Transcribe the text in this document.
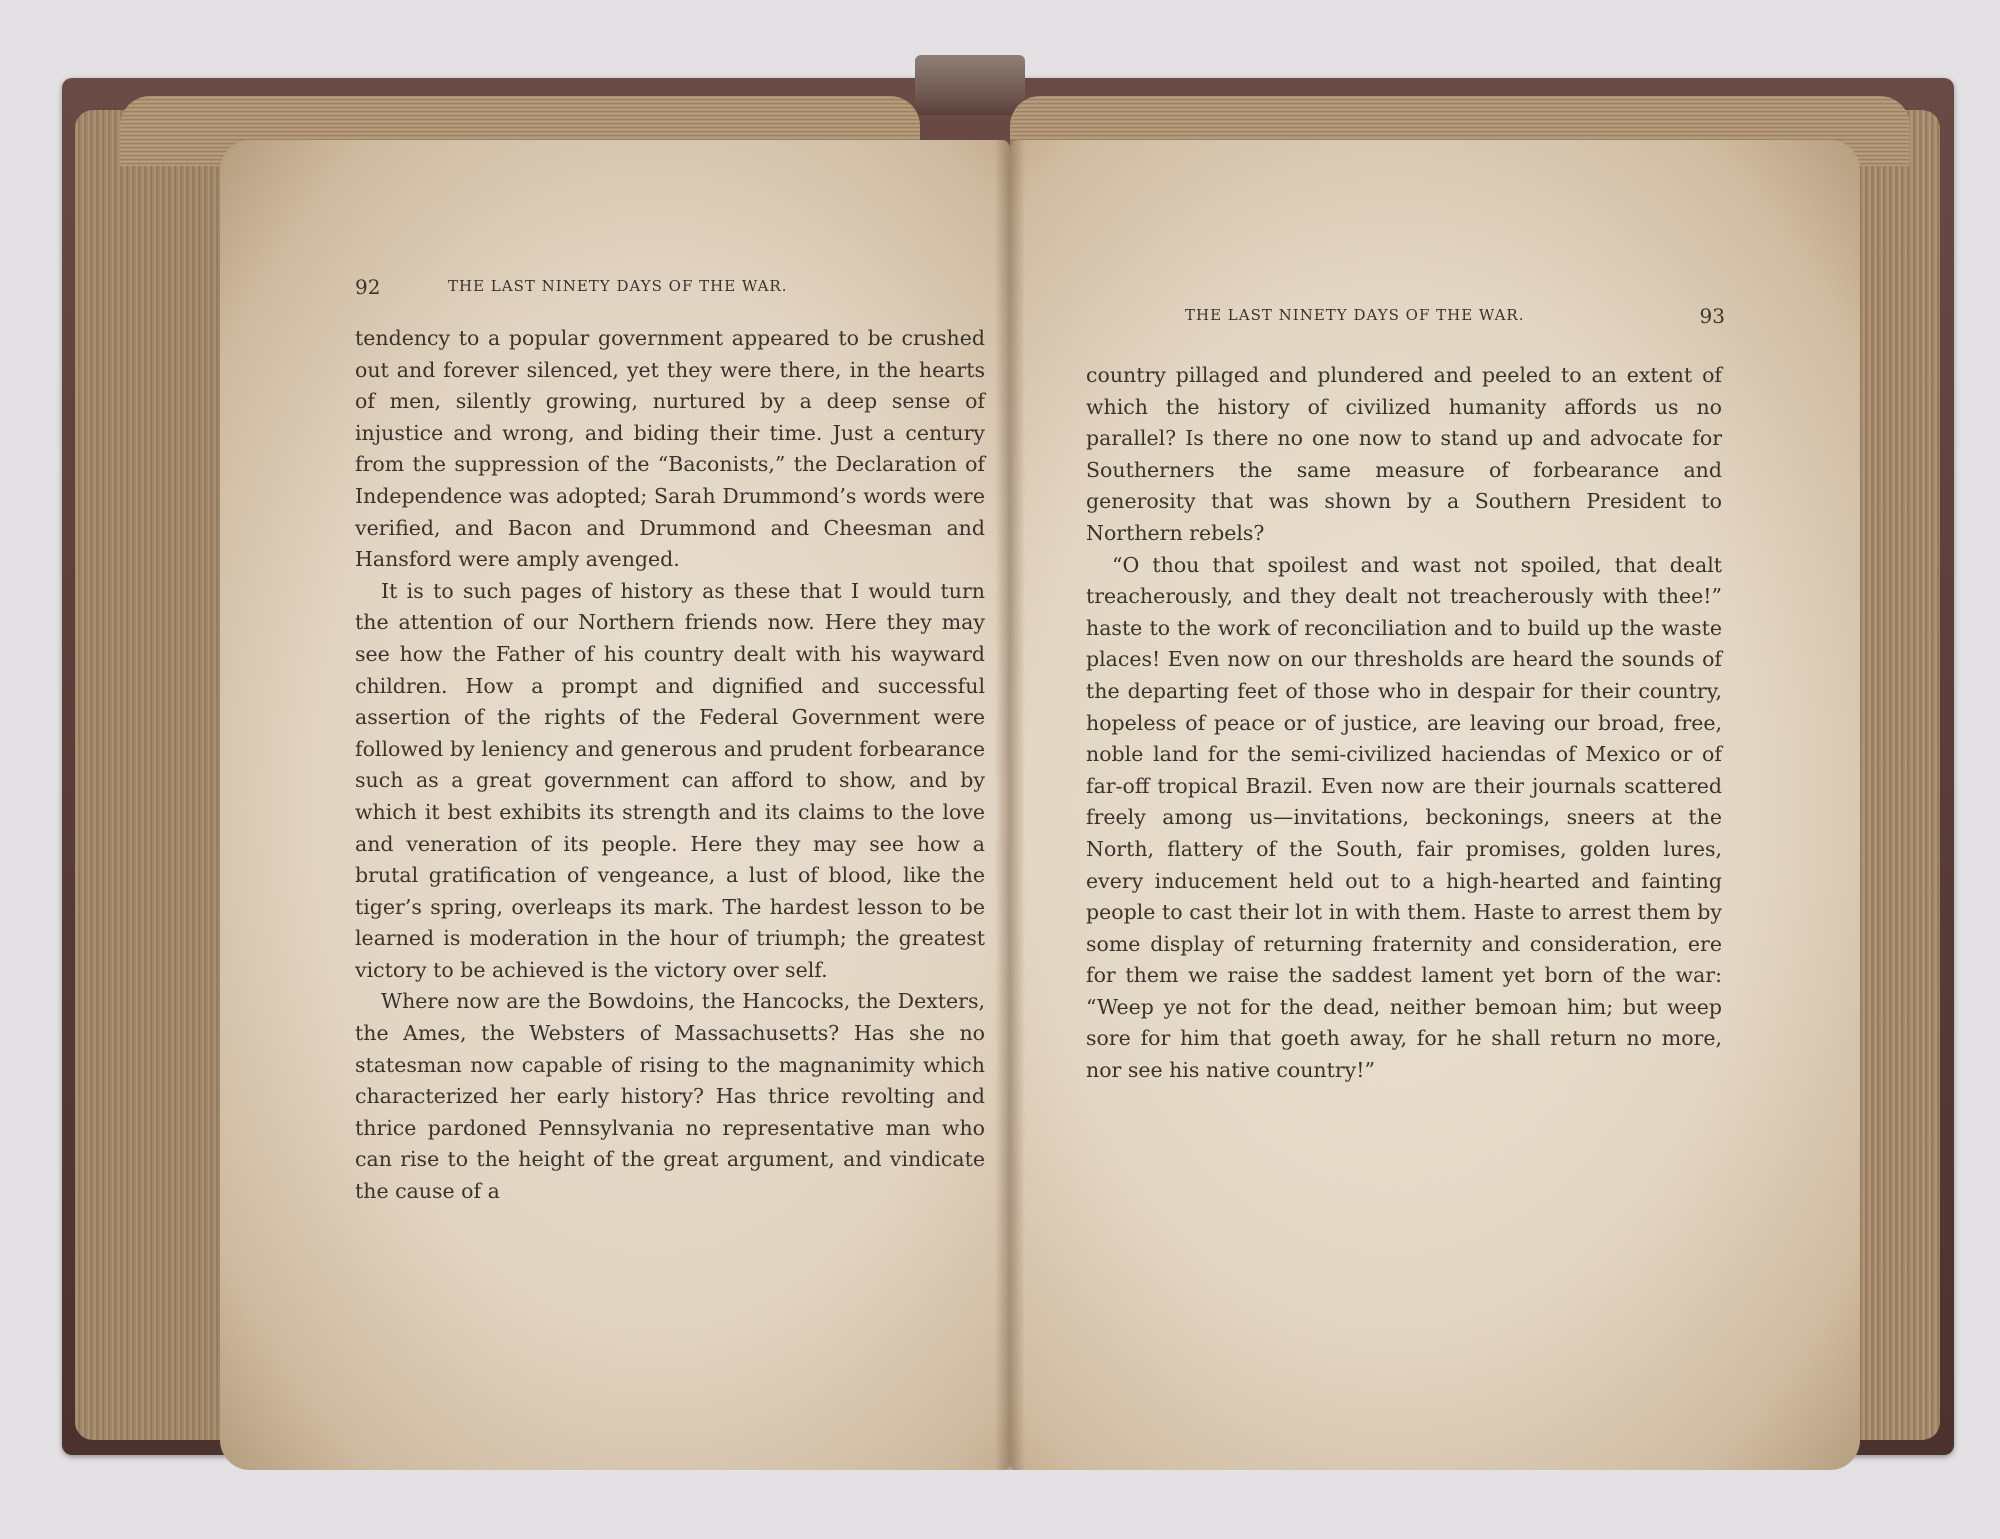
92	THE LAST NINETY DAYS OF THE WAR.

tendency to a popular government appeared to be crushed out and forever silenced, yet they were there, in the hearts of men, silently growing, nurtured by a deep sense of injustice and wrong, and biding their time. Just a century from the suppression of the “Baconists,” the Declaration of Independence was adopted; Sarah Drummond’s words were verified, and Bacon and Drummond and Cheesman and Hansford were amply avenged.

It is to such pages of history as these that I would turn the attention of our Northern friends now. Here they may see how the Father of his country dealt with his wayward children. How a prompt and dignified and successful assertion of the rights of the Federal Government were followed by leniency and generous and prudent forbearance such as a great government can afford to show, and by which it best exhibits its strength and its claims to the love and veneration of its people. Here they may see how a brutal gratification of vengeance, a lust of blood, like the tiger’s spring, overleaps its mark. The hardest lesson to be learned is moderation in the hour of triumph; the greatest victory to be achieved is the victory over self.

Where now are the Bowdoins, the Hancocks, the Dexters, the Ames, the Websters of Massachusetts? Has she no statesman now capable of rising to the magnanimity which characterized her early history? Has thrice revolting and thrice pardoned Pennsylvania no representative man who can rise to the height of the great argument, and vindicate the cause of a

THE LAST NINETY DAYS OF THE WAR.	93

country pillaged and plundered and peeled to an extent of which the history of civilized humanity affords us no parallel? Is there no one now to stand up and advocate for Southerners the same measure of forbearance and generosity that was shown by a Southern President to Northern rebels?

“O thou that spoilest and wast not spoiled, that dealt treacherously, and they dealt not treacherously with thee!” haste to the work of reconciliation and to build up the waste places! Even now on our thresholds are heard the sounds of the departing feet of those who in despair for their country, hopeless of peace or of justice, are leaving our broad, free, noble land for the semi-civilized haciendas of Mexico or of far-off tropical Brazil. Even now are their journals scattered freely among us—invitations, beckonings, sneers at the North, flattery of the South, fair promises, golden lures, every inducement held out to a high-hearted and fainting people to cast their lot in with them. Haste to arrest them by some display of returning fraternity and consideration, ere for them we raise the saddest lament yet born of the war: “Weep ye not for the dead, neither bemoan him; but weep sore for him that goeth away, for he shall return no more, nor see his native country!”
